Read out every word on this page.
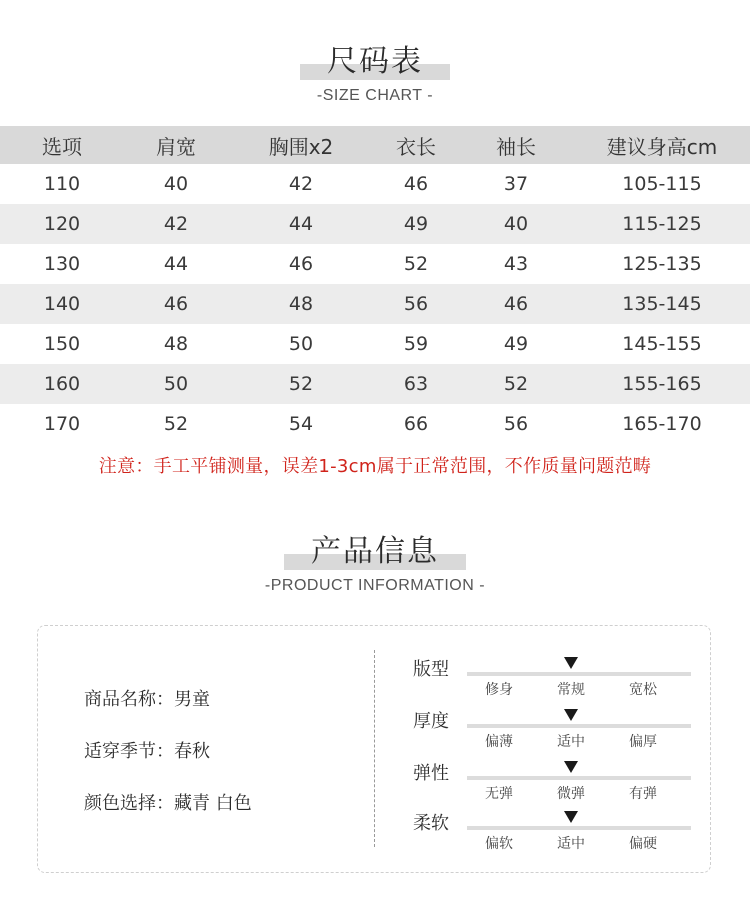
尺码表
-SIZE CHART -
选项	肩宽	胸围x2	衣长	袖长	建议身高cm
110	40	42	46	37	105-115
120	42	44	49	40	115-125
130	44	46	52	43	125-135
140	46	48	56	46	135-145
150	48	50	59	49	145-155
160	50	52	63	52	155-165
170	52	54	66	56	165-170
注意：手工平铺测量，误差1-3cm属于正常范围，不作质量问题范畴
产品信息
-PRODUCT INFORMATION -
商品名称：男童
适穿季节：春秋
颜色选择：藏青 白色
版型
修身	常规	宽松
厚度
偏薄	适中	偏厚
弹性
无弹	微弹	有弹
柔软
偏软	适中	偏硬
